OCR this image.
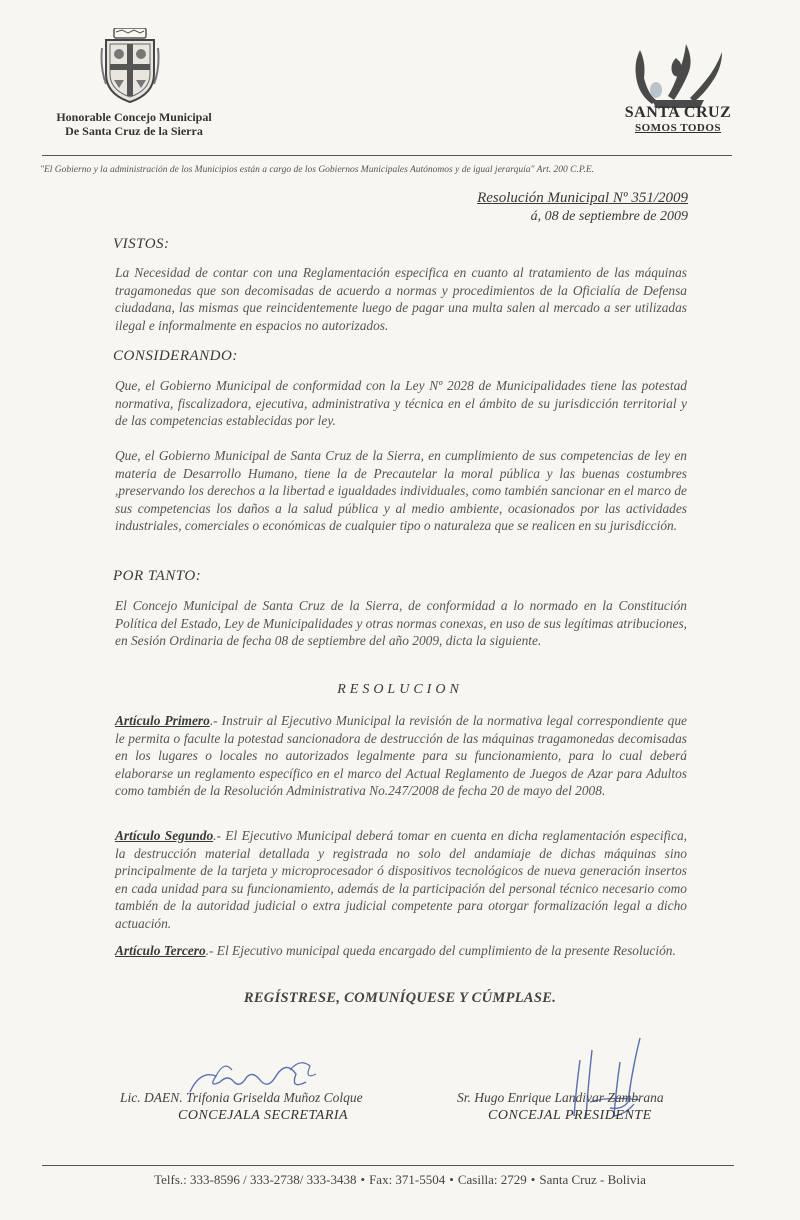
Honorable Concejo Municipal
De Santa Cruz de la Sierra
SANTA CRUZ
SOMOS TODOS
"El Gobierno y la administración de los Municipios están a cargo de los Gobiernos Municipales Autónomos y de igual jerarquía" Art. 200 C.P.E.
Resolución Municipal Nº 351/2009
á, 08 de septiembre de 2009
VISTOS:
La Necesidad de contar con una Reglamentación especifica en cuanto al tratamiento de las máquinas tragamonedas que son decomisadas de acuerdo a normas y procedimientos de la Oficialía de Defensa ciudadana, las mismas que reincidentemente luego de pagar una multa salen al mercado a ser utilizadas ilegal e informalmente en espacios no autorizados.
CONSIDERANDO:
Que, el Gobierno Municipal de conformidad con la Ley Nº 2028 de Municipalidades tiene las potestad normativa, fiscalizadora, ejecutiva, administrativa y técnica en el ámbito de su jurisdicción territorial y de las competencias establecidas por ley.
Que, el Gobierno Municipal de Santa Cruz de la Sierra, en cumplimiento de sus competencias de ley en materia de Desarrollo Humano, tiene la de Precautelar la moral pública y las buenas costumbres ,preservando los derechos a la libertad e igualdades individuales, como también sancionar en el marco de sus competencias los daños a la salud pública y al medio ambiente, ocasionados por las actividades industriales, comerciales o económicas de cualquier tipo o naturaleza que se realicen en su jurisdicción.
POR TANTO:
El Concejo Municipal de Santa Cruz de la Sierra, de conformidad a lo normado en la Constitución Política del Estado, Ley de Municipalidades y otras normas conexas, en uso de sus legítimas atribuciones, en Sesión Ordinaria de fecha 08 de septiembre del año 2009, dicta la siguiente.
RESOLUCION
Artículo Primero.- Instruir al Ejecutivo Municipal la revisión de la normativa legal correspondiente que le permita o faculte la potestad sancionadora de destrucción de las máquinas tragamonedas decomisadas en los lugares o locales no autorizados legalmente para su funcionamiento, para lo cual deberá elaborarse un reglamento específico en el marco del Actual Reglamento de Juegos de Azar para Adultos como también de la Resolución Administrativa No.247/2008 de fecha 20 de mayo del 2008.
Artículo Segundo.- El Ejecutivo Municipal deberá tomar en cuenta en dicha reglamentación especifica, la destrucción material detallada y registrada no solo del andamiaje de dichas máquinas sino principalmente de la tarjeta y microprocesador ó dispositivos tecnológicos de nueva generación insertos en cada unidad para su funcionamiento, además de la participación del personal técnico necesario como también de la autoridad judicial o extra judicial competente para otorgar formalización legal a dicho actuación.
Artículo Tercero.- El Ejecutivo municipal queda encargado del cumplimiento de la presente Resolución.
REGÍSTRESE, COMUNÍQUESE Y CÚMPLASE.
Lic. DAEN. Trifonia Griselda Muñoz Colque
CONCEJALA SECRETARIA
Sr. Hugo Enrique Landivar Zambrana
CONCEJAL PRESIDENTE
Telfs.: 333-8596 / 333-2738/ 333-3438 • Fax: 371-5504 • Casilla: 2729 • Santa Cruz - Bolivia
